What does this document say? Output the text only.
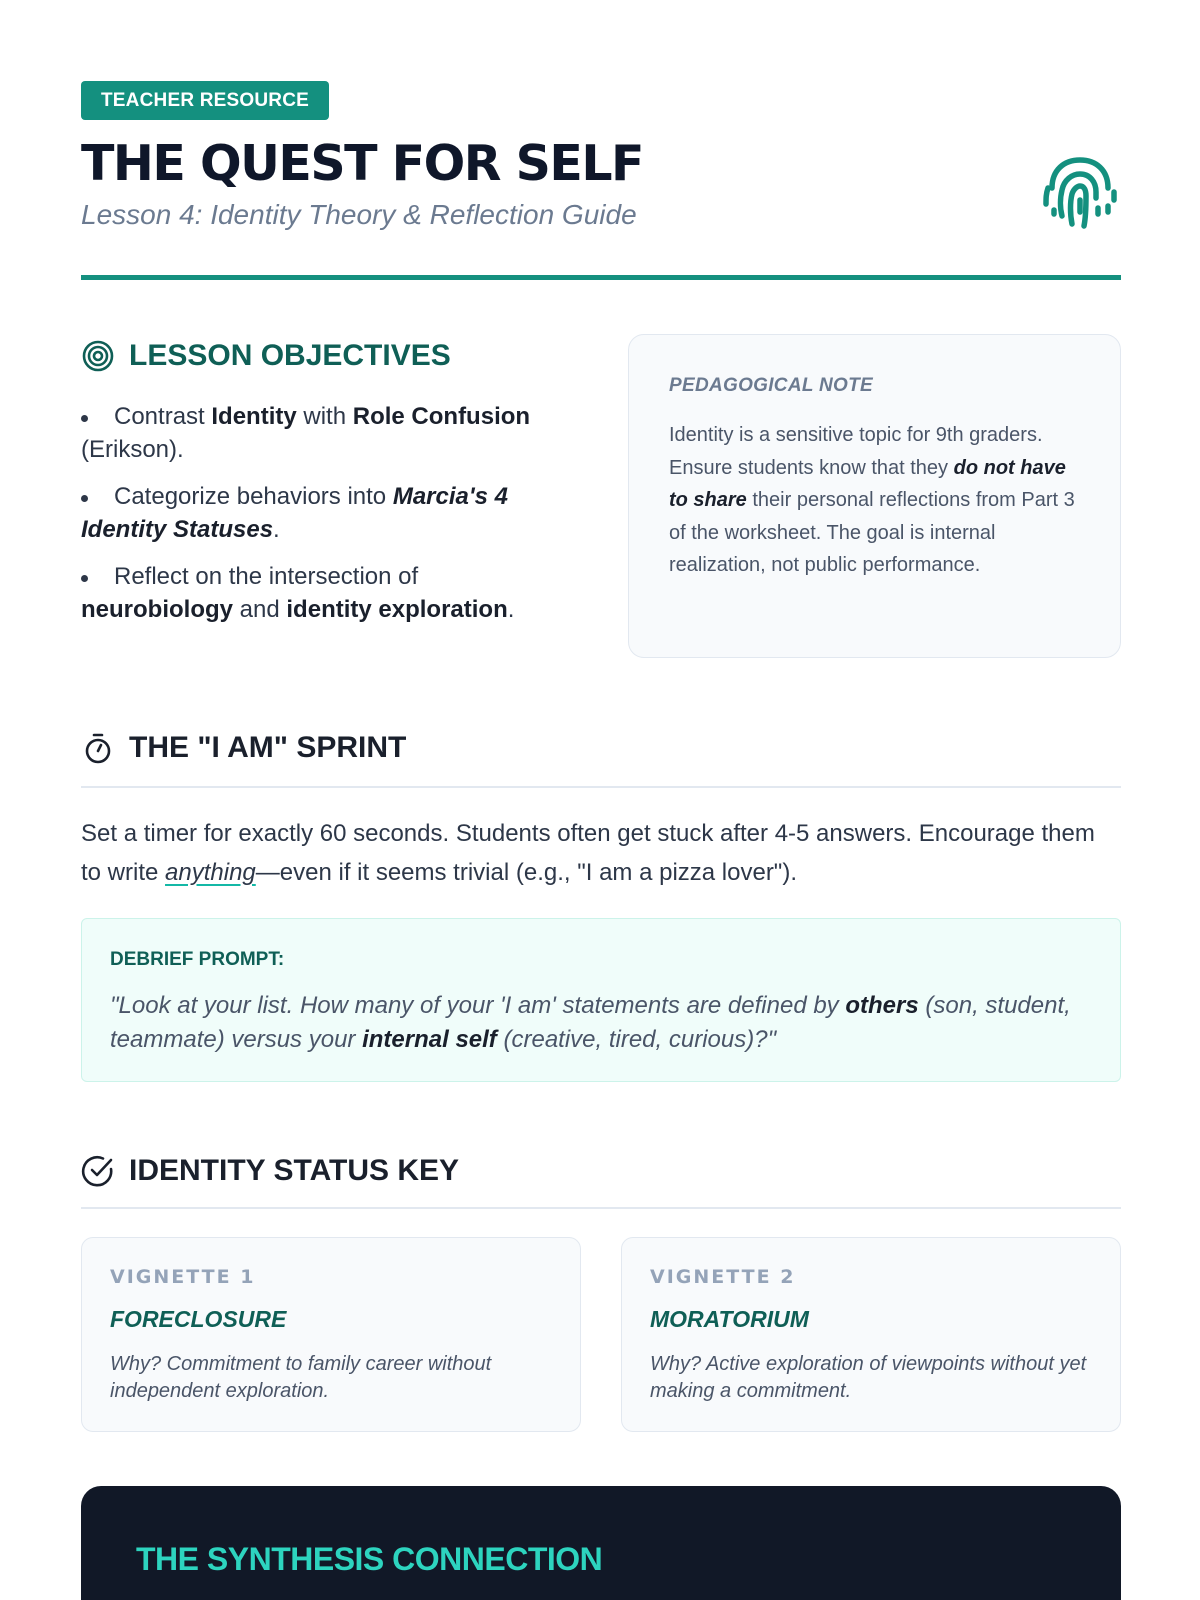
TEACHER RESOURCE
THE QUEST FOR SELF
Lesson 4: Identity Theory & Reflection Guide
LESSON OBJECTIVES
Contrast Identity with Role Confusion (Erikson).
Categorize behaviors into Marcia's 4 Identity Statuses.
Reflect on the intersection of neurobiology and identity exploration.
PEDAGOGICAL NOTE

Identity is a sensitive topic for 9th graders. Ensure students know that they do not have to share their personal reflections from Part 3 of the worksheet. The goal is internal realization, not public performance.

THE "I AM" SPRINT

Set a timer for exactly 60 seconds. Students often get stuck after 4-5 answers. Encourage them to write anything—even if it seems trivial (e.g., "I am a pizza lover").

DEBRIEF PROMPT:

"Look at your list. How many of your 'I am' statements are defined by others (son, student, teammate) versus your internal self (creative, tired, curious)?"

IDENTITY STATUS KEY
VIGNETTE 1
FORECLOSURE

Why? Commitment to family career without independent exploration.

VIGNETTE 2
MORATORIUM

Why? Active exploration of viewpoints without yet making a commitment.

THE SYNTHESIS CONNECTION
